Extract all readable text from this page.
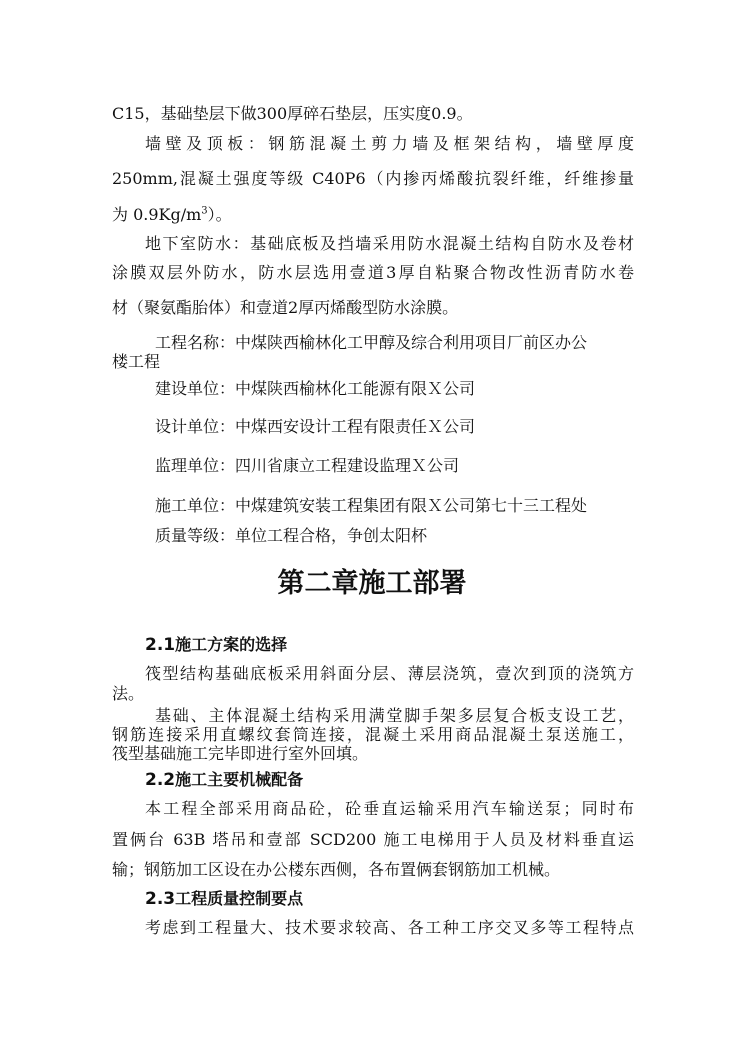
C15，基础垫层下做300厚碎石垫层，压实度0.9。
墙壁及顶板：钢筋混凝土剪力墙及框架结构，墙壁厚度
250mm,混凝土强度等级 C40P6（内掺丙烯酸抗裂纤维，纤维掺量
为 $0.9Kg/m^3$）。
地下室防水：基础底板及挡墙采用防水混凝土结构自防水及卷材
涂膜双层外防水，防水层选用壹道3厚自粘聚合物改性沥青防水卷
材（聚氨酯胎体）和壹道2厚丙烯酸型防水涂膜。
工程名称：中煤陕西榆林化工甲醇及综合利用项目厂前区办公
楼工程
建设单位：中煤陕西榆林化工能源有限Ｘ公司
设计单位：中煤西安设计工程有限责任Ｘ公司
监理单位：四川省康立工程建设监理Ｘ公司
施工单位：中煤建筑安装工程集团有限Ｘ公司第七十三工程处
质量等级：单位工程合格，争创太阳杯
第二章施工部署
2.1施工方案的选择
筏型结构基础底板采用斜面分层、薄层浇筑，壹次到顶的浇筑方
法。
基础、主体混凝土结构采用满堂脚手架多层复合板支设工艺，
钢筋连接采用直螺纹套筒连接，混凝土采用商品混凝土泵送施工，
筏型基础施工完毕即进行室外回填。
2.2施工主要机械配备
本工程全部采用商品砼，砼垂直运输采用汽车输送泵；同时布
置俩台 63B 塔吊和壹部 SCD200 施工电梯用于人员及材料垂直运
输；钢筋加工区设在办公楼东西侧，各布置俩套钢筋加工机械。
2.3工程质量控制要点
考虑到工程量大、技术要求较高、各工种工序交叉多等工程特点
